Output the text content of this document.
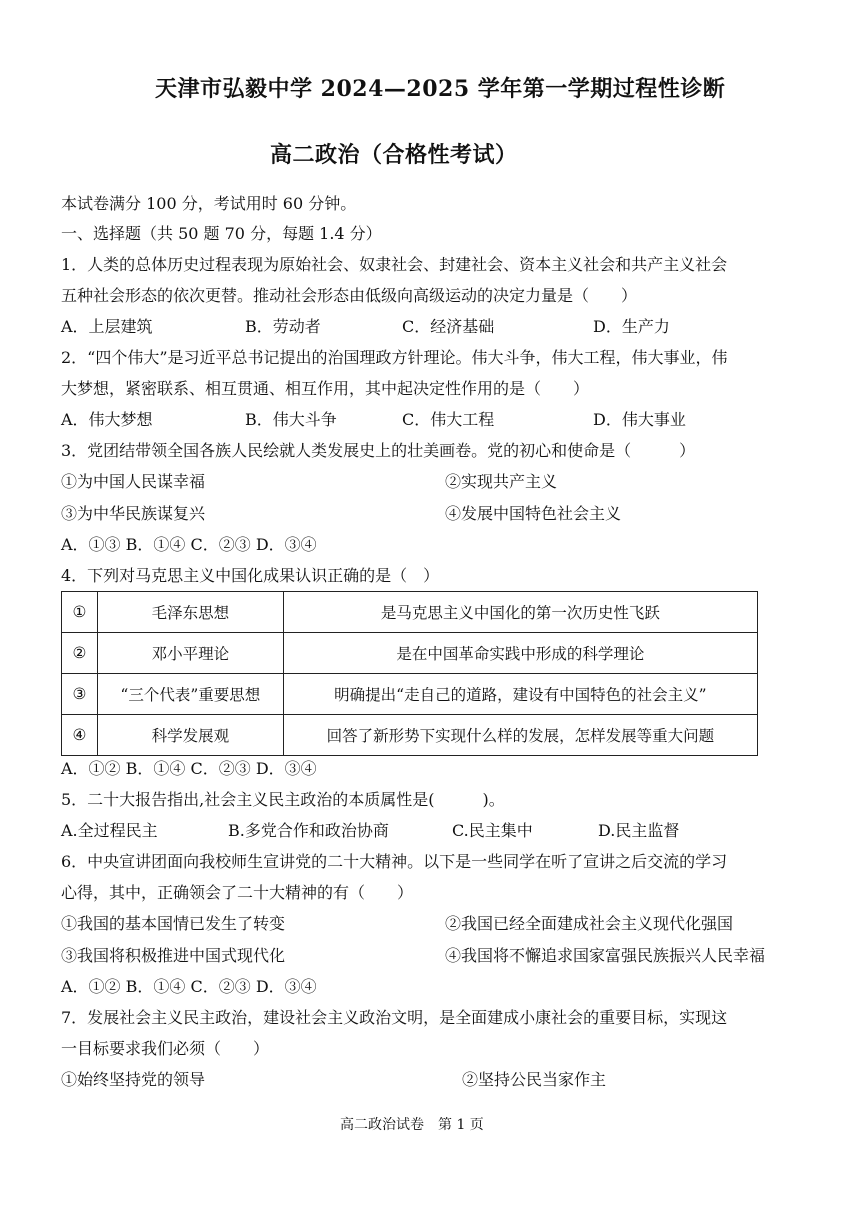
天津市弘毅中学 2024—2025 学年第一学期过程性诊断
高二政治（合格性考试）
本试卷满分 100 分，考试用时 60 分钟。
一、选择题（共 50 题 70 分，每题 1.4 分）
1．人类的总体历史过程表现为原始社会、奴隶社会、封建社会、资本主义社会和共产主义社会
五种社会形态的依次更替。推动社会形态由低级向高级运动的决定力量是（　　）
A．上层建筑	B．劳动者	C．经济基础	D．生产力
2．“四个伟大”是习近平总书记提出的治国理政方针理论。伟大斗争，伟大工程，伟大事业，伟
大梦想，紧密联系、相互贯通、相互作用，其中起决定性作用的是（　　）
A．伟大梦想	B．伟大斗争	C．伟大工程	D．伟大事业
3．党团结带领全国各族人民绘就人类发展史上的壮美画卷。党的初心和使命是（　　　）
①为中国人民谋幸福	②实现共产主义
③为中华民族谋复兴	④发展中国特色社会主义
A．①③ B．①④ C．②③ D．③④
4．下列对马克思主义中国化成果认识正确的是（　）
①	毛泽东思想	是马克思主义中国化的第一次历史性飞跃
②	邓小平理论	是在中国革命实践中形成的科学理论
③	“三个代表”重要思想	明确提出“走自己的道路，建设有中国特色的社会主义”
④	科学发展观	回答了新形势下实现什么样的发展，怎样发展等重大问题
A．①② B．①④ C．②③ D．③④
5．二十大报告指出,社会主义民主政治的本质属性是(　　　)。
A.全过程民主	B.多党合作和政治协商	C.民主集中	D.民主监督
6．中央宣讲团面向我校师生宣讲党的二十大精神。以下是一些同学在听了宣讲之后交流的学习
心得，其中，正确领会了二十大精神的有（　　）
①我国的基本国情已发生了转变	②我国已经全面建成社会主义现代化强国
③我国将积极推进中国式现代化	④我国将不懈追求国家富强民族振兴人民幸福
A．①② B．①④ C．②③ D．③④
7．发展社会主义民主政治，建设社会主义政治文明，是全面建成小康社会的重要目标，实现这
一目标要求我们必须（　　）
①始终坚持党的领导	②坚持公民当家作主
高二政治试卷　第 1 页
